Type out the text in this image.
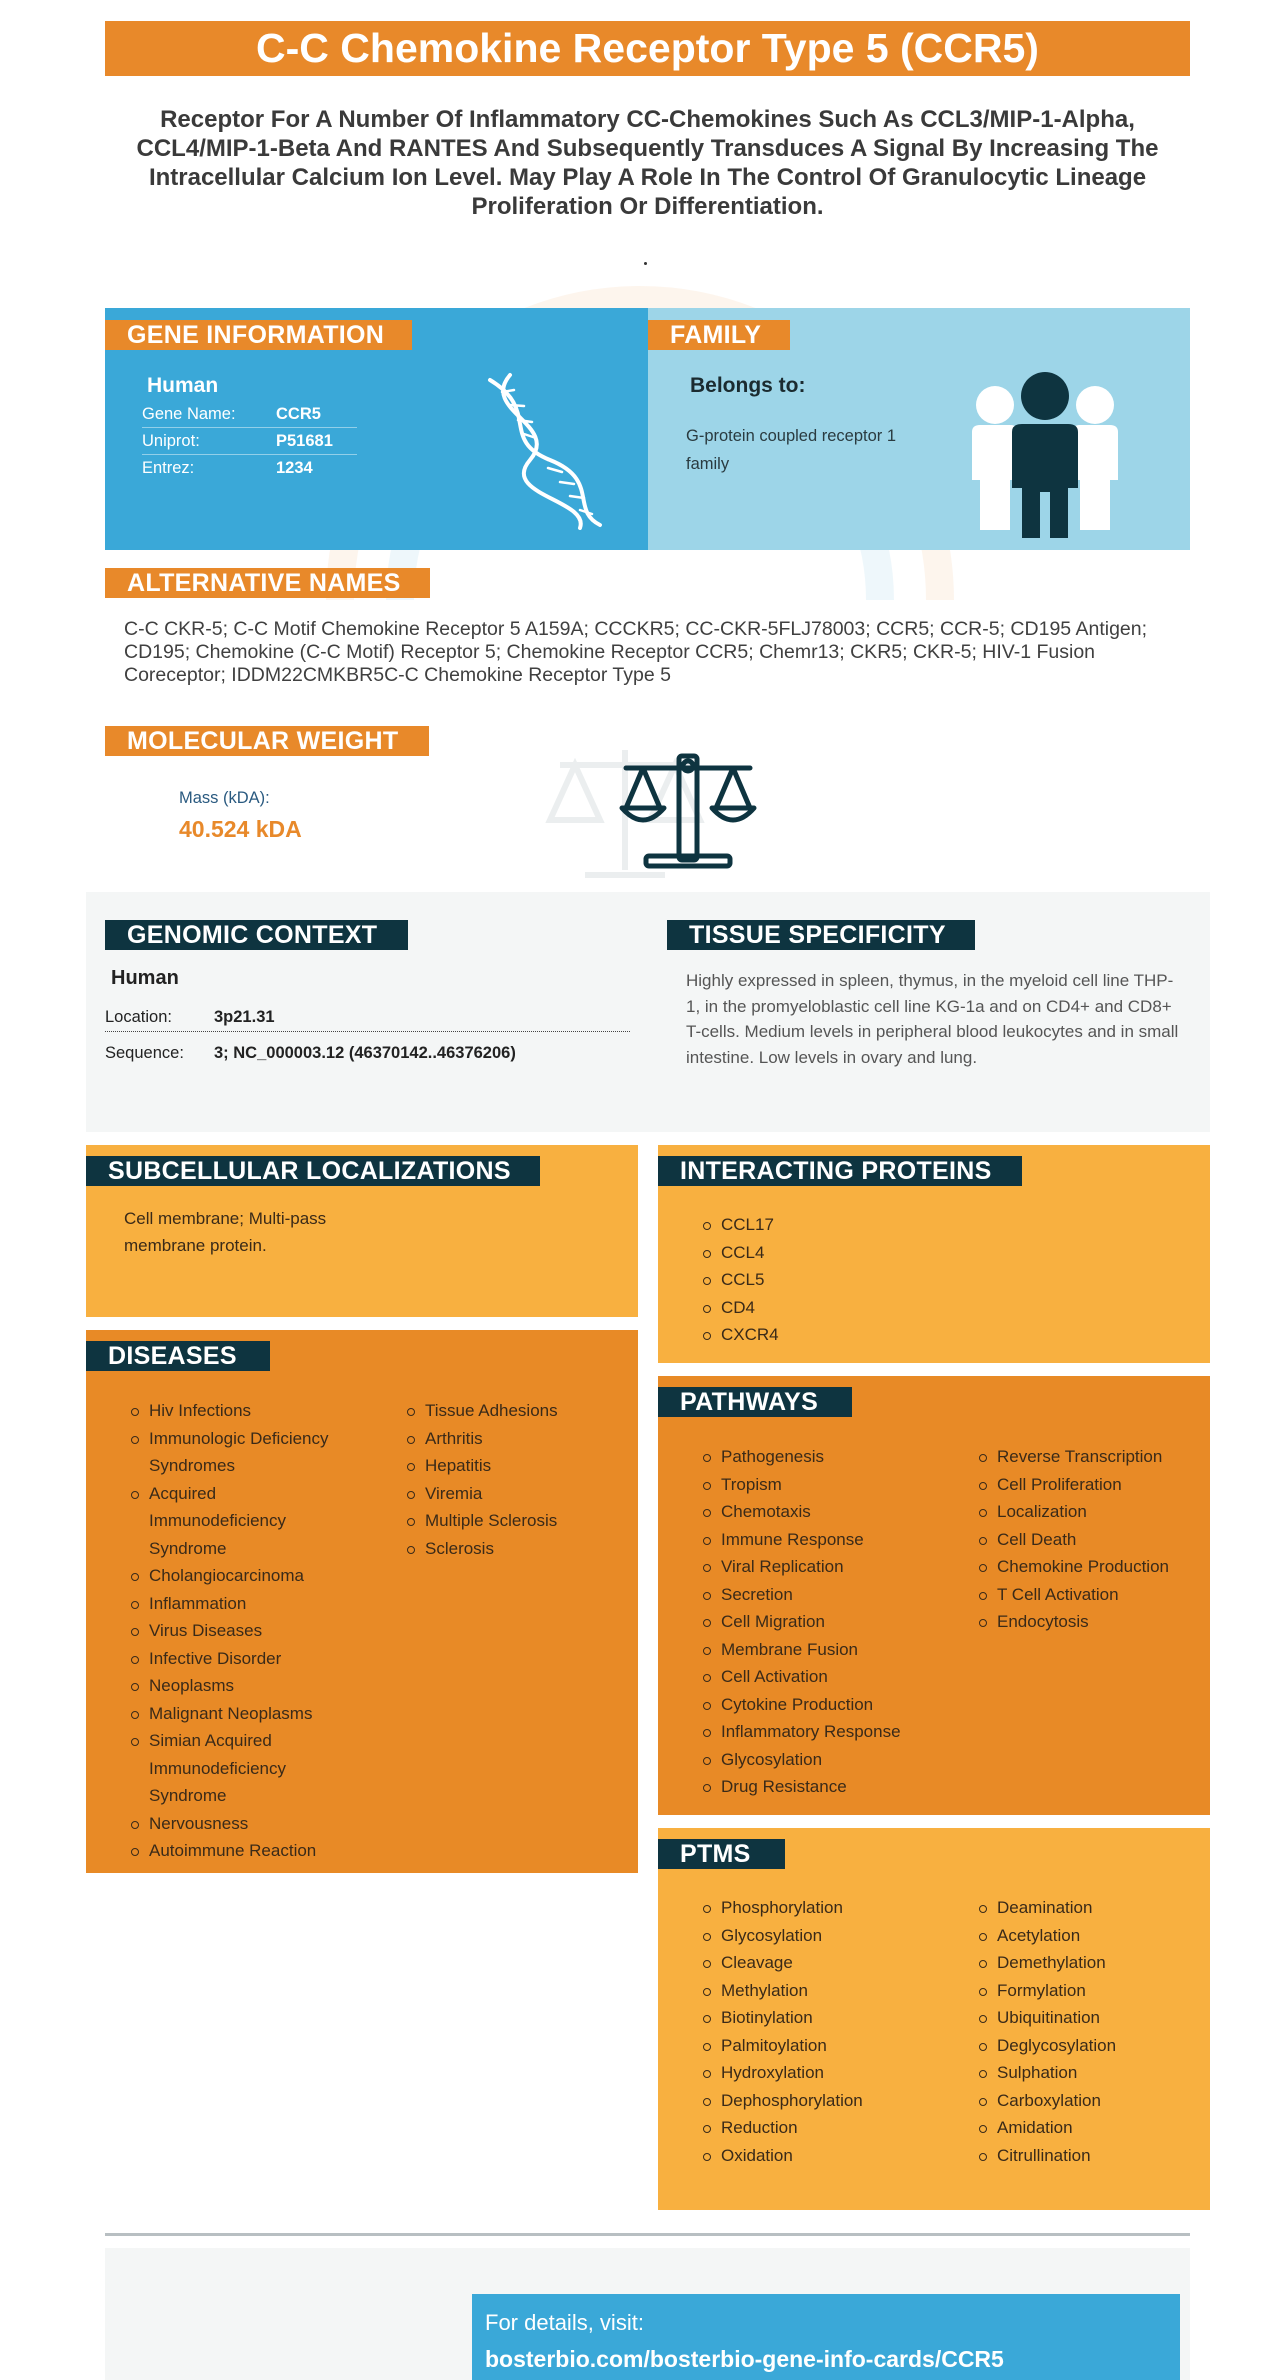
C-C Chemokine Receptor Type 5 (CCR5)
Receptor For A Number Of Inflammatory CC-Chemokines Such As CCL3/MIP-1-Alpha, CCL4/MIP-1-Beta And RANTES And Subsequently Transduces A Signal By Increasing The Intracellular Calcium Ion Level. May Play A Role In The Control Of Granulocytic Lineage Proliferation Or Differentiation.
Human
Gene Name: CCR5
Uniprot:	P51681
Entrez:	1234
GENE INFORMATION
Belongs to:
G-protein coupled receptor 1 family
FAMILY
ALTERNATIVE NAMES
C-C CKR-5; C-C Motif Chemokine Receptor 5 A159A; CCCKR5; CC-CKR-5FLJ78003; CCR5; CCR-5; CD195 Antigen; CD195; Chemokine (C-C Motif) Receptor 5; Chemokine Receptor CCR5; Chemr13; CKR5; CKR-5; HIV-1 Fusion Coreceptor; IDDM22CMKBR5C-C Chemokine Receptor Type 5
MOLECULAR WEIGHT
Mass (kDA):
40.524 kDA
GENOMIC CONTEXT
Human
Location:	3p21.31
Sequence: 3; NC_000003.12 (46370142..46376206)
TISSUE SPECIFICITY
Highly expressed in spleen, thymus, in the myeloid cell line THP-1, in the promyeloblastic cell line KG-1a and on CD4+ and CD8+ T-cells. Medium levels in peripheral blood leukocytes and in small intestine. Low levels in ovary and lung.
SUBCELLULAR LOCALIZATIONS
Cell membrane; Multi-pass membrane protein.
INTERACTING PROTEINS
CCL17
CCL4
CCL5
CD4
CXCR4
DISEASES
Hiv Infections
Immunologic Deficiency Syndromes
Acquired Immunodeficiency Syndrome
Cholangiocarcinoma
Inflammation
Virus Diseases
Infective Disorder
Neoplasms
Malignant Neoplasms
Simian Acquired Immunodeficiency Syndrome
Nervousness
Autoimmune Reaction
Tissue Adhesions
Arthritis
Hepatitis
Viremia
Multiple Sclerosis
Sclerosis
PATHWAYS
Pathogenesis
Tropism
Chemotaxis
Immune Response
Viral Replication
Secretion
Cell Migration
Membrane Fusion
Cell Activation
Cytokine Production
Inflammatory Response
Glycosylation
Drug Resistance
Reverse Transcription
Cell Proliferation
Localization
Cell Death
Chemokine Production
T Cell Activation
Endocytosis
PTMS
Phosphorylation
Glycosylation
Cleavage
Methylation
Biotinylation
Palmitoylation
Hydroxylation
Dephosphorylation
Reduction
Oxidation
Deamination
Acetylation
Demethylation
Formylation
Ubiquitination
Deglycosylation
Sulphation
Carboxylation
Amidation
Citrullination
For details, visit:
bosterbio.com/bosterbio-gene-info-cards/CCR5
